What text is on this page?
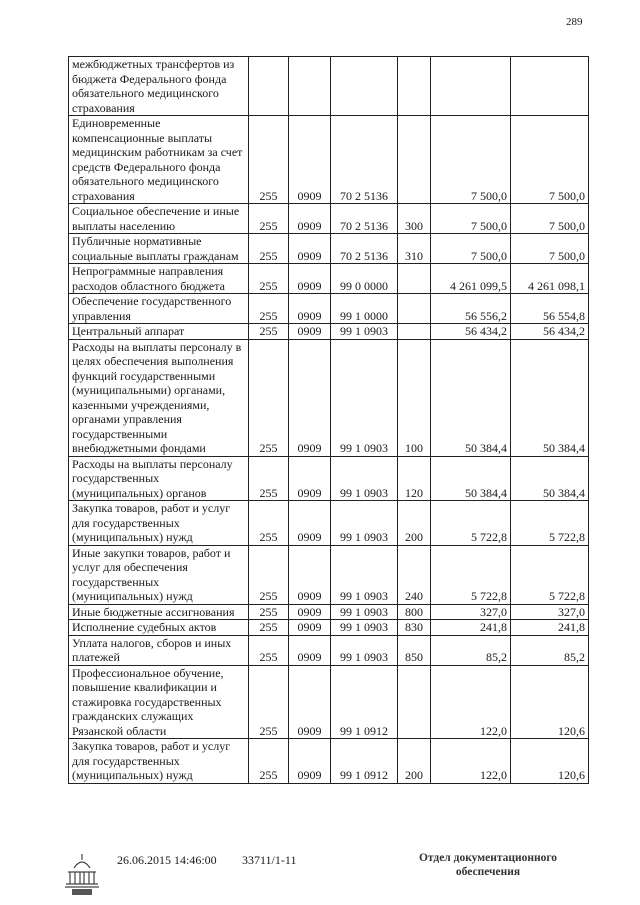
289
межбюджетных трансфертов из бюджета Федерального фонда обязательного медицинского страхования						
Единовременные компенсационные выплаты медицинским работникам за счет средств Федерального фонда обязательного медицинского страхования	255	0909	70 2 5136		7 500,0	7 500,0
Социальное обеспечение и иные выплаты населению	255	0909	70 2 5136	300	7 500,0	7 500,0
Публичные нормативные социальные выплаты гражданам	255	0909	70 2 5136	310	7 500,0	7 500,0
Непрограммные направления расходов областного бюджета	255	0909	99 0 0000		4 261 099,5	4 261 098,1
Обеспечение государственного управления	255	0909	99 1 0000		56 556,2	56 554,8
Центральный аппарат	255	0909	99 1 0903		56 434,2	56 434,2
Расходы на выплаты персоналу в целях обеспечения выполнения функций государственными (муниципальными) органами, казенными учреждениями, органами управления государственными внебюджетными фондами	255	0909	99 1 0903	100	50 384,4	50 384,4
Расходы на выплаты персоналу государственных (муниципальных) органов	255	0909	99 1 0903	120	50 384,4	50 384,4
Закупка товаров, работ и услуг для государственных (муниципальных) нужд	255	0909	99 1 0903	200	5 722,8	5 722,8
Иные закупки товаров, работ и услуг для обеспечения государственных (муниципальных) нужд	255	0909	99 1 0903	240	5 722,8	5 722,8
Иные бюджетные ассигнования	255	0909	99 1 0903	800	327,0	327,0
Исполнение судебных актов	255	0909	99 1 0903	830	241,8	241,8
Уплата налогов, сборов и иных платежей	255	0909	99 1 0903	850	85,2	85,2
Профессиональное обучение, повышение квалификации и стажировка государственных гражданских служащих Рязанской области	255	0909	99 1 0912		122,0	120,6
Закупка товаров, работ и услуг для государственных (муниципальных) нужд	255	0909	99 1 0912	200	122,0	120,6
26.06.2015 14:46:00 33711/1-11	Отдел документационного обеспечения
